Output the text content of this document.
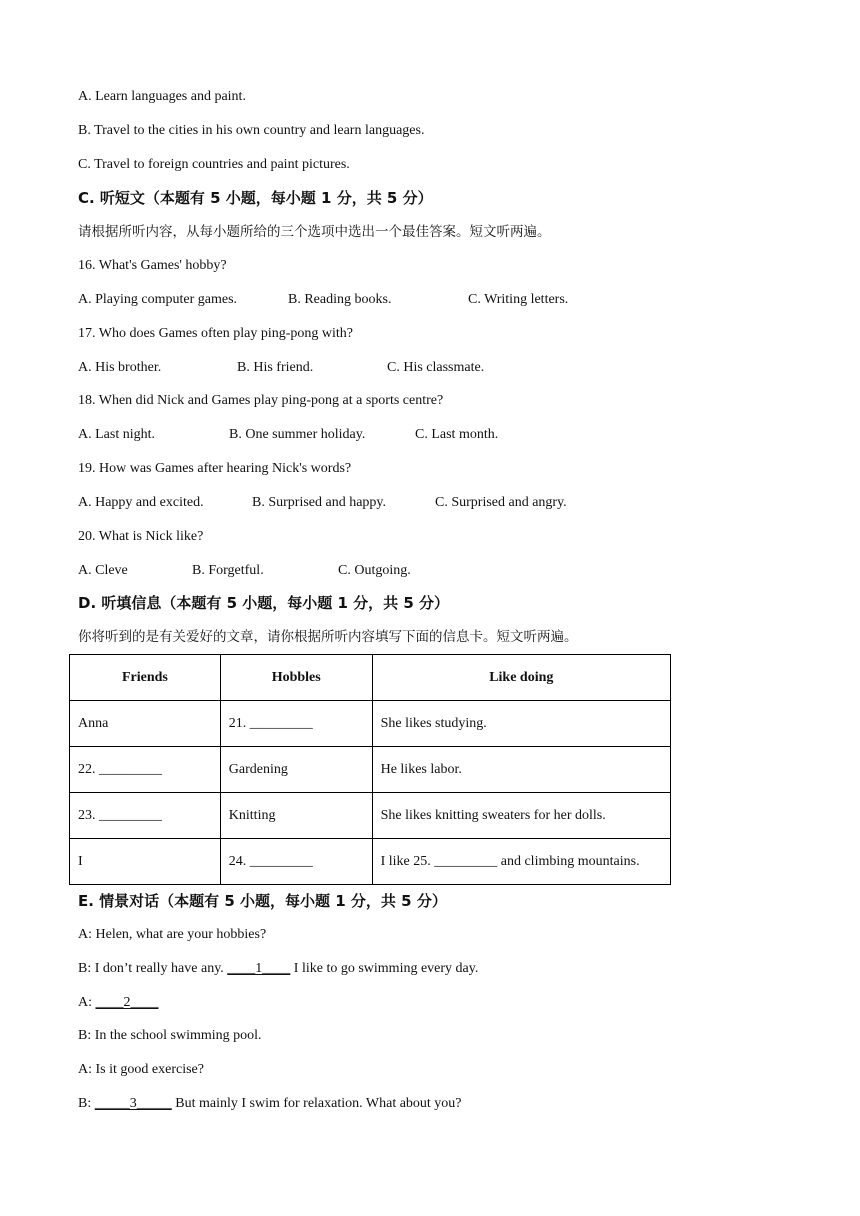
A. Learn languages and paint.
B. Travel to the cities in his own country and learn languages.
C. Travel to foreign countries and paint pictures.
C. 听短文（本题有 5 小题，每小题 1 分，共 5 分）
请根据所听内容，从每小题所给的三个选项中选出一个最佳答案。短文听两遍。
16. What's Games' hobby?
A. Playing computer games.	B. Reading books.	C. Writing letters.
17. Who does Games often play ping-pong with?
A. His brother.	B. His friend.	C. His classmate.
18. When did Nick and Games play ping-pong at a sports centre?
A. Last night.	B. One summer holiday.	C. Last month.
19. How was Games after hearing Nick's words?
A. Happy and excited.	B. Surprised and happy.	C. Surprised and angry.
20. What is Nick like?
A. Cleve	B. Forgetful.	C. Outgoing.
D. 听填信息（本题有 5 小题，每小题 1 分，共 5 分）
你将听到的是有关爱好的文章，请你根据所听内容填写下面的信息卡。短文听两遍。
Friends	Hobbles	Like doing
Anna	21. _________	She likes studying.
22. _________	Gardening	He likes labor.
23. _________	Knitting	She likes knitting sweaters for her dolls.
I	24. _________	I like 25. _________ and climbing mountains.
E. 情景对话（本题有 5 小题，每小题 1 分，共 5 分）
A: Helen, what are your hobbies?
B: I don’t really have any. ____1____ I like to go swimming every day.
A: ____2____
B: In the school swimming pool.
A: Is it good exercise?
B: _____3_____ But mainly I swim for relaxation. What about you?
